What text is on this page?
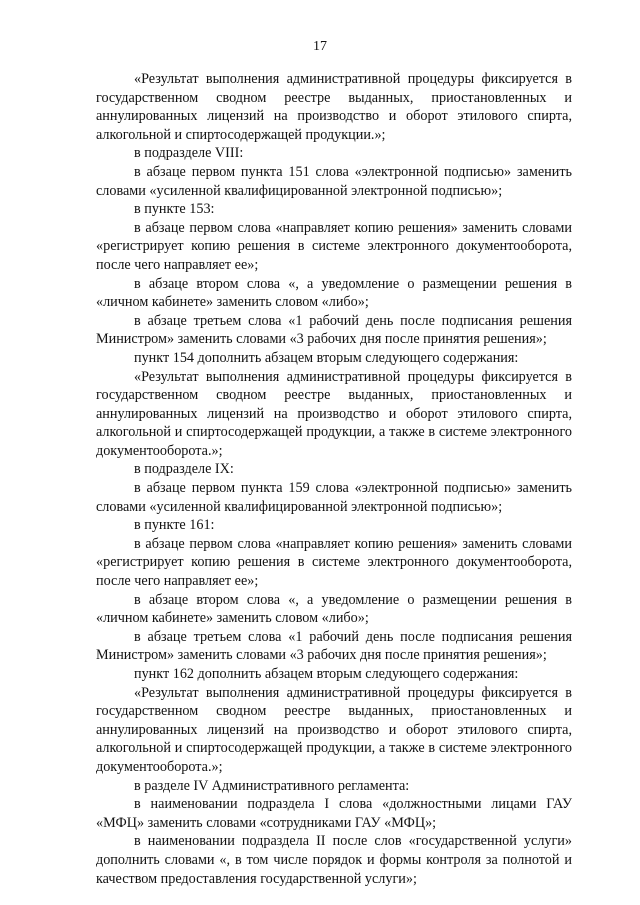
17

«Результат выполнения административной процедуры фиксируется в государственном сводном реестре выданных, приостановленных и аннулированных лицензий на производство и оборот этилового спирта, алкогольной и спиртосодержащей продукции.»;

в подразделе VIII:

в абзаце первом пункта 151 слова «электронной подписью» заменить словами «усиленной квалифицированной электронной подписью»;

в пункте 153:

в абзаце первом слова «направляет копию решения» заменить словами «регистрирует копию решения в системе электронного документооборота, после чего направляет ее»;

в абзаце втором слова «, а уведомление о размещении решения в «личном кабинете» заменить словом «либо»;

в абзаце третьем слова «1 рабочий день после подписания решения Министром» заменить словами «3 рабочих дня после принятия решения»;

пункт 154 дополнить абзацем вторым следующего содержания:

«Результат выполнения административной процедуры фиксируется в государственном сводном реестре выданных, приостановленных и аннулированных лицензий на производство и оборот этилового спирта, алкогольной и спиртосодержащей продукции, а также в системе электронного документооборота.»;

в подразделе IX:

в абзаце первом пункта 159 слова «электронной подписью» заменить словами «усиленной квалифицированной электронной подписью»;

в пункте 161:

в абзаце первом слова «направляет копию решения» заменить словами «регистрирует копию решения в системе электронного документооборота, после чего направляет ее»;

в абзаце втором слова «, а уведомление о размещении решения в «личном кабинете» заменить словом «либо»;

в абзаце третьем слова «1 рабочий день после подписания решения Министром» заменить словами «3 рабочих дня после принятия решения»;

пункт 162 дополнить абзацем вторым следующего содержания:

«Результат выполнения административной процедуры фиксируется в государственном сводном реестре выданных, приостановленных и аннулированных лицензий на производство и оборот этилового спирта, алкогольной и спиртосодержащей продукции, а также в системе электронного документооборота.»;

в разделе IV Административного регламента:

в наименовании подраздела I слова «должностными лицами ГАУ «МФЦ» заменить словами «сотрудниками ГАУ «МФЦ»;

в наименовании подраздела II после слов «государственной услуги» дополнить словами «, в том числе порядок и формы контроля за полнотой и качеством предоставления государственной услуги»;
